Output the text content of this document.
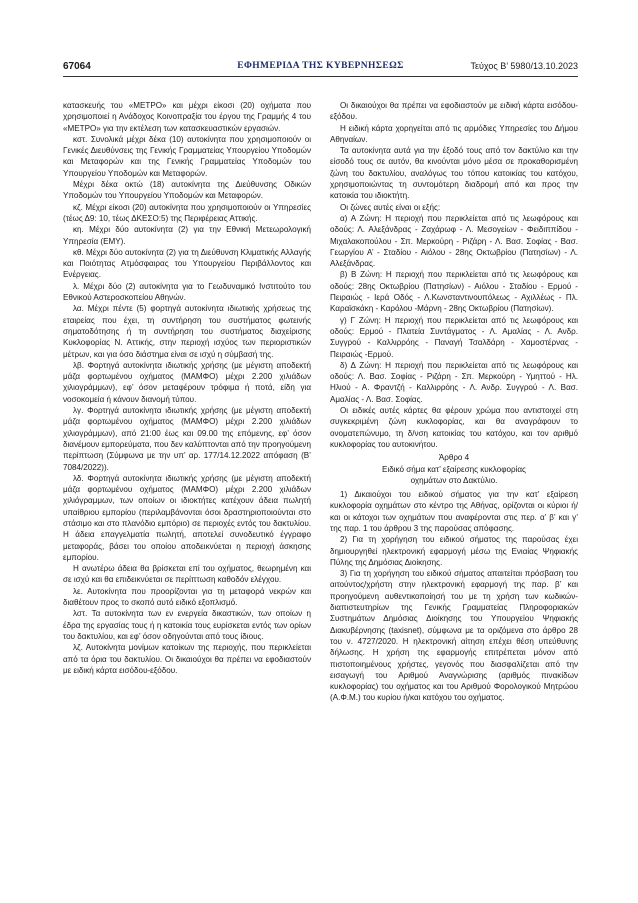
67064	ΕΦΗΜΕΡΙΔΑ ΤΗΣ ΚΥΒΕΡΝΗΣΕΩΣ	Τεύχος Β’ 5980/13.10.2023

κατασκευής του «ΜΕΤΡΟ» και μέχρι είκοσι (20) οχήματα που χρησιμοποιεί η Ανάδοχος Κοινοπραξία του έργου της Γραμμής 4 του «ΜΕΤΡΟ» για την εκτέλεση των κατασκευαστικών εργασιών.

κστ. Συνολικά μέχρι δέκα (10) αυτοκίνητα που χρησιμοποιούν οι Γενικές Διευθύνσεις της Γενικής Γραμματείας Υπουργείου Υποδομών και Μεταφορών και της Γενικής Γραμματείας Υποδομών του Υπουργείου Υποδομών και Μεταφορών.

Μέχρι δέκα οκτώ (18) αυτοκίνητα της Διεύθυνσης Οδικών Υποδομών του Υπουργείου Υποδομών και Μεταφορών.

κζ. Μέχρι είκοσι (20) αυτοκίνητα που χρησιμοποιούν οι Υπηρεσίες (τέως Δ9: 10, τέως ΔΚΕΣΟ:5) της Περιφέρειας Αττικής.

κη. Μέχρι δύο αυτοκίνητα (2) για την Εθνική Μετεωρολογική Υπηρεσία (ΕΜΥ).

κθ. Μέχρι δύο αυτοκίνητα (2) για τη Διεύθυνση Κλιματικής Αλλαγής και Ποιότητας Ατμόσφαιρας του Υπουργείου Περιβάλλοντος και Ενέργειας.

λ. Μέχρι δύο (2) αυτοκίνητα για το Γεωδυναμικό Ινστιτούτο του Εθνικού Αστεροσκοπείου Αθηνών.

λα. Μέχρι πέντε (5) φορτηγά αυτοκίνητα ιδιωτικής χρήσεως της εταιρείας που έχει, τη συντήρηση του συστήματος φωτεινής σηματοδότησης ή τη συντήρηση του συστήματος διαχείρισης Κυκλοφορίας Ν. Αττικής, στην περιοχή ισχύος των περιοριστικών μέτρων, και για όσο διάστημα είναι σε ισχύ η σύμβασή της.

λβ. Φορτηγά αυτοκίνητα ιδιωτικής χρήσης (με μέγιστη αποδεκτή μάζα φορτωμένου οχήματος (ΜΑΜΦΟ) μέχρι 2.200 χιλιάδων χιλιογράμμων), εφ’ όσον μεταφέρουν τρόφιμα ή ποτά, είδη για νοσοκομεία ή κάνουν διανομή τύπου.

λγ. Φορτηγά αυτοκίνητα ιδιωτικής χρήσης (με μέγιστη αποδεκτή μάζα φορτωμένου οχήματος (ΜΑΜΦΟ) μέχρι 2.200 χιλιάδων χιλιογράμμων), από 21:00 έως και 09.00 της επόμενης, εφ’ όσον διανέμουν εμπορεύματα, που δεν καλύπτονται από την προηγούμενη περίπτωση (Σύμφωνα με την υπ’ αρ. 177/14.12.2022 απόφαση (Β’ 7084/2022)).

λδ. Φορτηγά αυτοκίνητα ιδιωτικής χρήσης (με μέγιστη αποδεκτή μάζα φορτωμένου οχήματος (ΜΑΜΦΟ) μέχρι 2.200 χιλιάδων χιλιόγραμμων, των οποίων οι ιδιοκτήτες κατέχουν άδεια πωλητή υπαίθριου εμπορίου (περιλαμβάνονται όσοι δραστηριοποιούνται στο στάσιμο και στο πλανόδιο εμπόριο) σε περιοχές εντός του δακτυλίου. Η άδεια επαγγελματία πωλητή, αποτελεί συνοδευτικό έγγραφο μεταφοράς, βάσει του οποίου αποδεικνύεται η περιοχή άσκησης εμπορίου.

Η ανωτέρω άδεια θα βρίσκεται επί του οχήματος, θεωρημένη και σε ισχύ και θα επιδεικνύεται σε περίπτωση καθοδόν ελέγχου.

λε. Αυτοκίνητα που προορίζονται για τη μεταφορά νεκρών και διαθέτουν προς το σκοπό αυτό ειδικό εξοπλισμό.

λστ. Τα αυτοκίνητα των εν ενεργεία δικαστικών, των οποίων η έδρα της εργασίας τους ή η κατοικία τους ευρίσκεται εντός των ορίων του δακτυλίου, και εφ’ όσον οδηγούνται από τους ίδιους.

λζ. Αυτοκίνητα μονίμων κατοίκων της περιοχής, που περικλείεται από τα όρια του δακτυλίου. Οι δικαιούχοι θα πρέπει να εφοδιαστούν με ειδική κάρτα εισόδου-εξόδου.

Οι δικαιούχοι θα πρέπει να εφοδιαστούν με ειδική κάρτα εισόδου-εξόδου.

Η ειδική κάρτα χορηγείται από τις αρμόδιες Υπηρεσίες του Δήμου Αθηναίων.

Τα αυτοκίνητα αυτά για την έξοδό τους από τον δακτύλιο και την είσοδό τους σε αυτόν, θα κινούνται μόνο μέσα σε προκαθορισμένη ζώνη του δακτυλίου, αναλόγως του τόπου κατοικίας του κατόχου, χρησιμοποιώντας τη συντομότερη διαδρομή από και προς την κατοικία του ιδιοκτήτη.

Οι ζώνες αυτές είναι οι εξής:

α) Α Ζώνη: Η περιοχή που περικλείεται από τις λεωφόρους και οδούς: Λ. Αλεξάνδρας - Ζαχάρωφ - Λ. Μεσογείων - Φειδιππίδου - Μιχαλακοπούλου - Σπ. Μερκούρη - Ριζάρη - Λ. Βασ. Σοφίας - Βασ. Γεωργίου Α’ - Σταδίου - Αιόλου - 28ης Οκτωβρίου (Πατησίων) - Λ. Αλεξάνδρας.

β) Β Ζώνη: Η περιοχή που περικλείεται από τις λεωφόρους και οδούς: 28ης Οκτωβρίου (Πατησίων) - Αιόλου - Σταδίου - Ερμού - Πειραιώς - Ιερά Οδός - Λ.Κωνσταντινουπόλεως - Αχιλλέως - Πλ. Καραϊσκάκη - Καρόλου -Μάρνη - 28ης Οκτωβρίου (Πατησίων).

γ) Γ Ζώνη: Η περιοχή που περικλείεται από τις λεωφόρους και οδούς: Ερμού - Πλατεία Συντάγματος - Λ. Αμαλίας - Λ. Ανδρ. Συγγρού - Καλλιρρόης - Παναγή Τσαλδάρη - Χαμοστέρνας - Πειραιώς -Ερμού.

δ) Δ Ζώνη: Η περιοχή που περικλείεται από τις λεωφόρους και οδούς: Λ. Βασ. Σοφίας - Ριζάρη - Σπ. Μερκούρη - Υμηττού - Ηλ. Ηλιού - Α. Φραντζή - Καλλιρρόης - Λ. Ανδρ. Συγγρού - Λ. Βασ. Αμαλίας - Λ. Βασ. Σοφίας.

Οι ειδικές αυτές κάρτες θα φέρουν χρώμα που αντιστοιχεί στη συγκεκριμένη ζώνη κυκλοφορίας, και θα αναγράφουν το ονοματεπώνυμο, τη δ/νση κατοικίας του κατόχου, και τον αριθμό κυκλοφορίας του αυτοκινήτου.

Άρθρο 4
Ειδικό σήμα κατ’ εξαίρεσης κυκλοφορίας
οχημάτων στο Δακτύλιο.

1) Δικαιούχοι του ειδικού σήματος για την κατ’ εξαίρεση κυκλοφορία οχημάτων στο κέντρο της Αθήνας, ορίζονται οι κύριοι ή/και οι κάτοχοι των οχημάτων που αναφέρονται στις περ. α’ β’ και γ’ της παρ. 1 του άρθρου 3 της παρούσας απόφασης.

2) Για τη χορήγηση του ειδικού σήματος της παρούσας έχει δημιουργηθεί ηλεκτρονική εφαρμογή μέσω της Ενιαίας Ψηφιακής Πύλης της Δημόσιας Διοίκησης.

3) Για τη χορήγηση του ειδικού σήματος απαιτείται πρόσβαση του αιτούντος/χρήστη στην ηλεκτρονική εφαρμογή της παρ. β’ και προηγούμενη αυθεντικοποίησή του με τη χρήση των κωδικών- διαπιστευτηρίων της Γενικής Γραμματείας Πληροφοριακών Συστημάτων Δημόσιας Διοίκησης του Υπουργείου Ψηφιακής Διακυβέρνησης (taxisnet), σύμφωνα με τα οριζόμενα στο άρθρο 28 του ν. 4727/2020. Η ηλεκτρονική αίτηση επέχει θέση υπεύθυνης δήλωσης. Η χρήση της εφαρμογής επιτρέπεται μόνον από πιστοποιημένους χρήστες, γεγονός που διασφαλίζεται από την εισαγωγή του Αριθμού Αναγνώρισης (αριθμός πινακίδων κυκλοφορίας) του οχήματος και του Αριθμού Φορολογικού Μητρώου (Α.Φ.Μ.) του κυρίου ή/και κατόχου του οχήματος.
